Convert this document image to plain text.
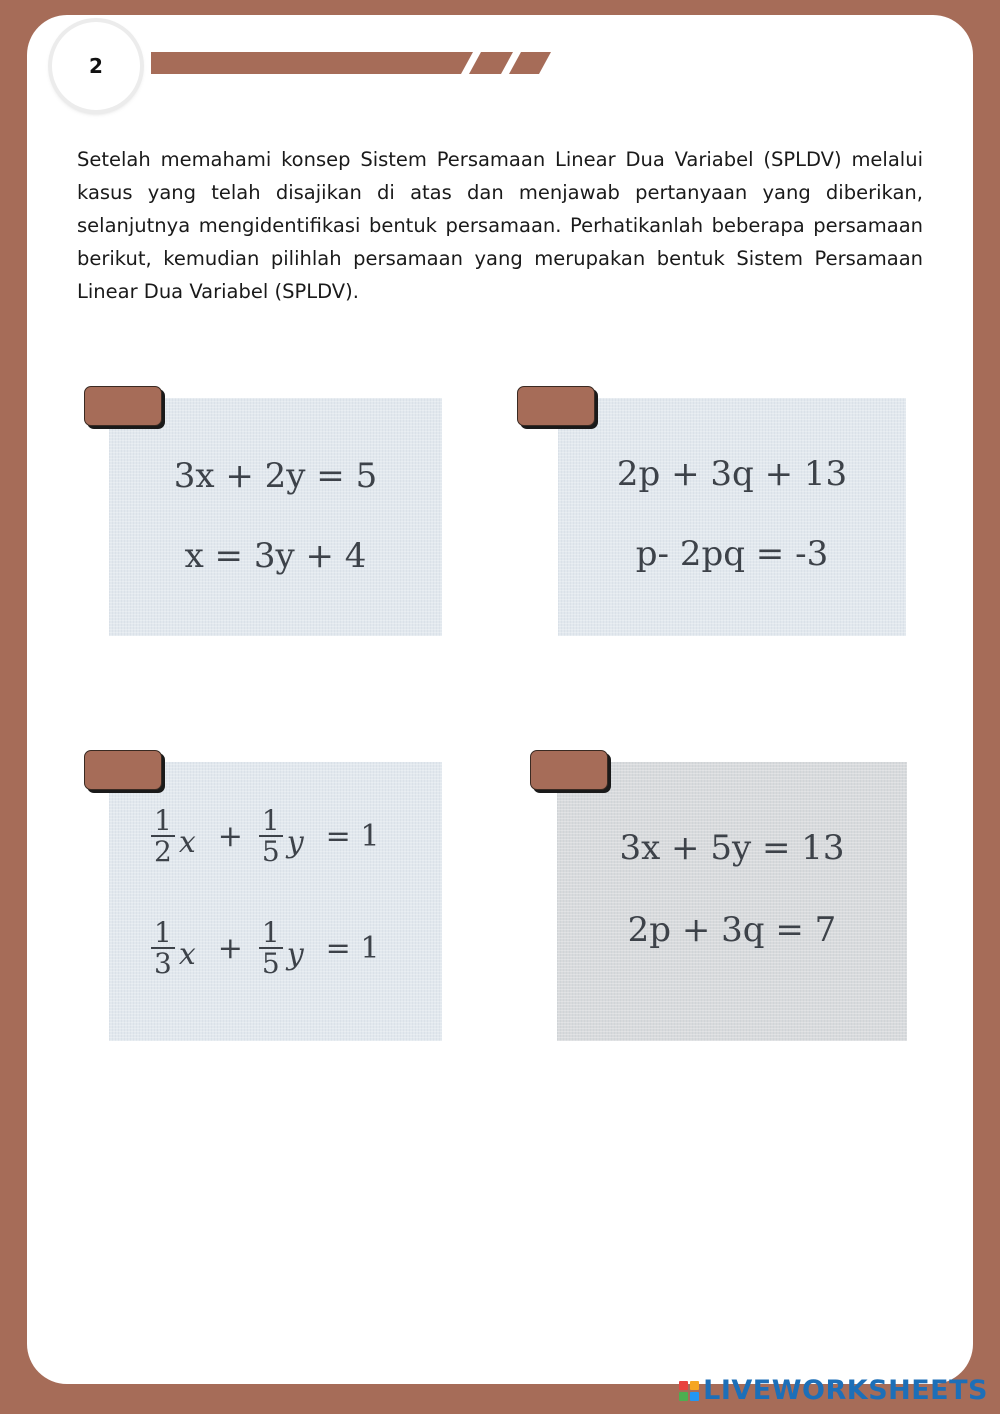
2

Setelah memahami konsep Sistem Persamaan Linear Dua Variabel (SPLDV) melalui kasus yang telah disajikan di atas dan menjawab pertanyaan yang diberikan, selanjutnya mengidentifikasi bentuk persamaan. Perhatikanlah beberapa persamaan berikut, kemudian pilihlah persamaan yang merupakan bentuk Sistem Persamaan Linear Dua Variabel (SPLDV).

3x + 2y = 5
x = 3y + 4
2p + 3q + 13
p- 2pq = -3
$\frac{1}{2}$ $x + \frac{1}{5}$ y = 1
$\frac{1}{3}$ $x + \frac{1}{5}$ y = 1
3x + 5y = 13
2p + 3q = 7
LIVEWORKSHEETS
